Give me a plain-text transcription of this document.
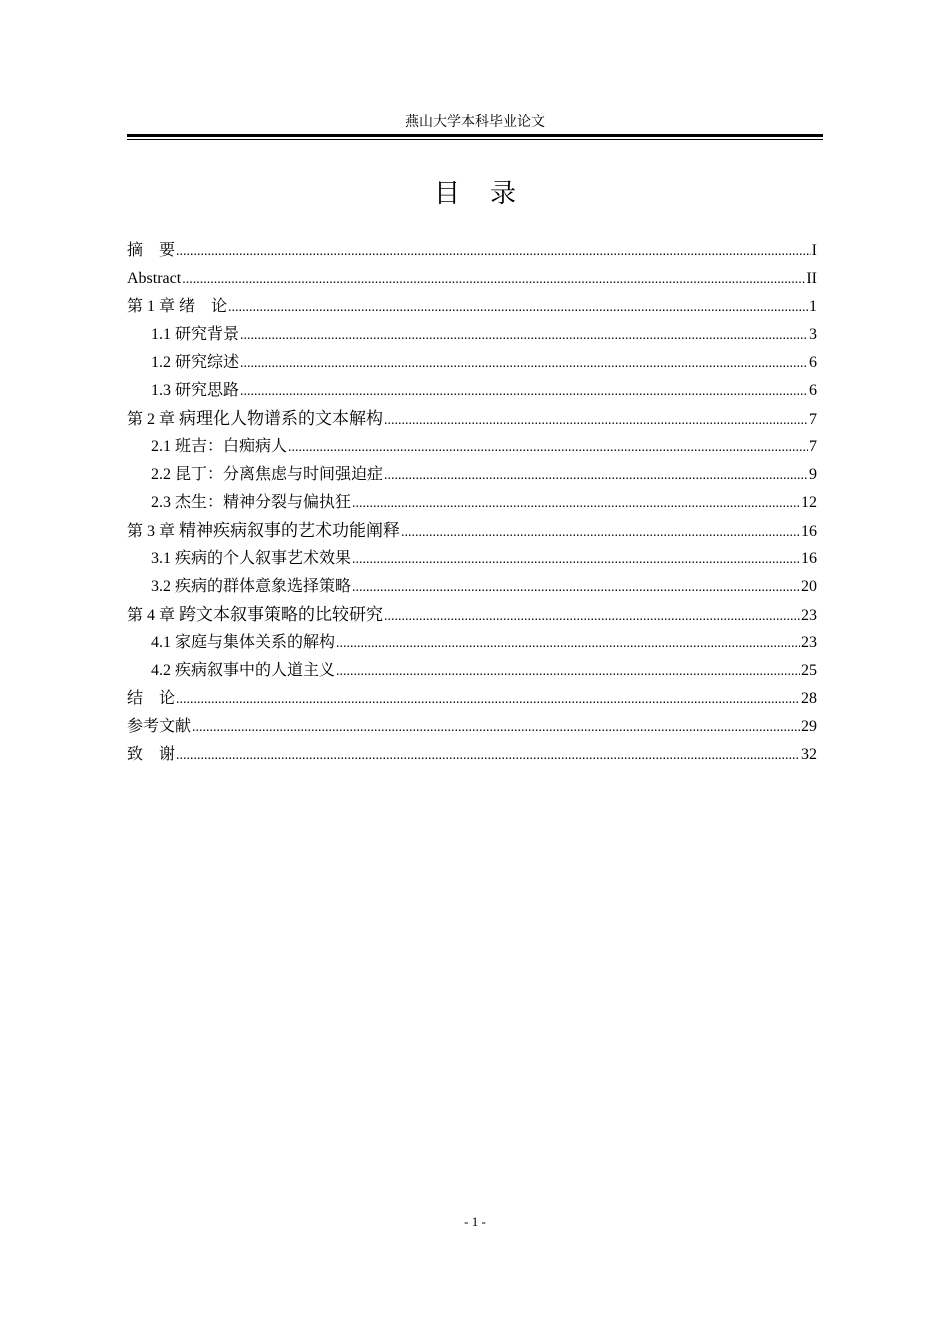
燕山大学本科毕业论文
目录
摘　要 .....	I
Abstract .....	II
第 1 章 绪　论 .....	1
1.1 研究背景 .....	3
1.2 研究综述 .....	6
1.3 研究思路 .....	6
第 2 章 病理化人物谱系的文本解构 .....	7
2.1 班吉：白痴病人 .....	7
2.2 昆丁：分离焦虑与时间强迫症 .....	9
2.3 杰生：精神分裂与偏执狂 .....	12
第 3 章 精神疾病叙事的艺术功能阐释 .....	16
3.1 疾病的个人叙事艺术效果 .....	16
3.2 疾病的群体意象选择策略 .....	20
第 4 章 跨文本叙事策略的比较研究 .....	23
4.1 家庭与集体关系的解构 .....	23
4.2 疾病叙事中的人道主义 .....	25
结　论 .....	28
参考文献 .....	29
致　谢 .....	32
- 1 -
